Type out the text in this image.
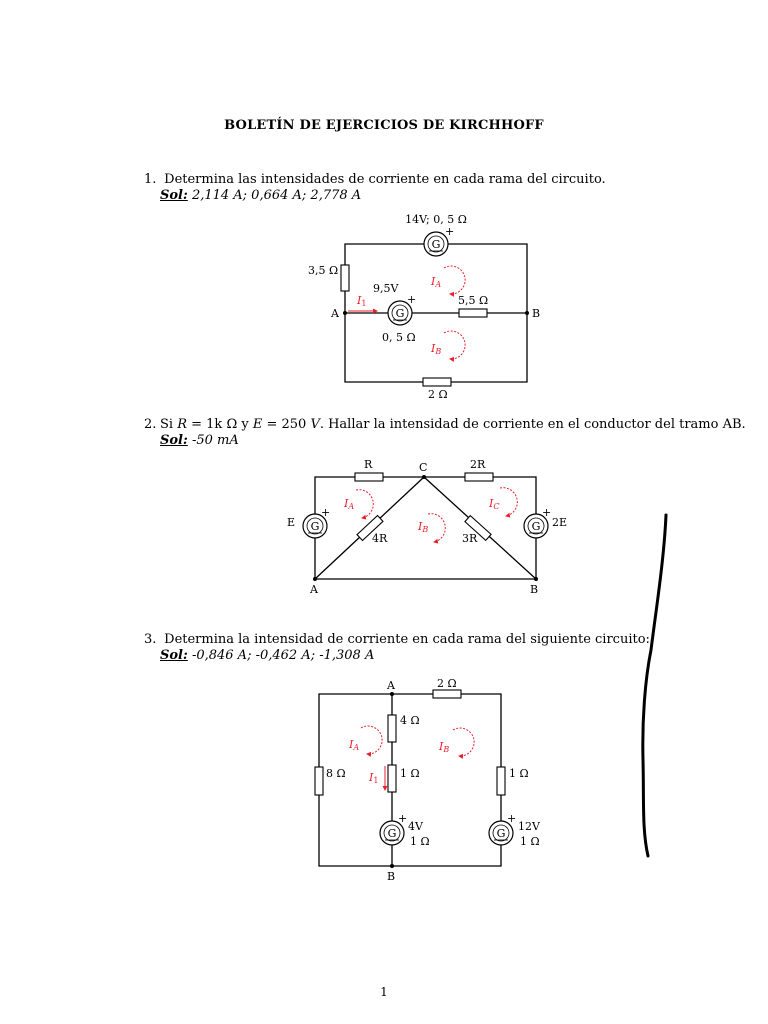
BOLETÍN DE EJERCICIOS DE KIRCHHOFF
1. Determina las intensidades de corriente en cada rama del circuito.
Sol: 2,114 A; 0,664 A; 2,778 A
2. Si R = 1k Ω y E = 250 V. Hallar la intensidad de corriente en el conductor del tramo AB.
Sol: -50 mA
3. Determina la intensidad de corriente en cada rama del siguiente circuito:
Sol: -0,846 A; -0,462 A; -1,308 A
G
+
14V; 0, 5 Ω
3,5 Ω
G
+
9,5V
0, 5 Ω
5,5 Ω
2 Ω
A	B
I1
IA
IB
R	2R
4R	3R
C
G
+
E	G
+
2E
A	B
IA
IB
IC
2 Ω
A
4 Ω
1 Ω
8 Ω	1 Ω
G
+
4V
1 Ω
G
+
12V
1 Ω
B
I1
IA	IB
1
